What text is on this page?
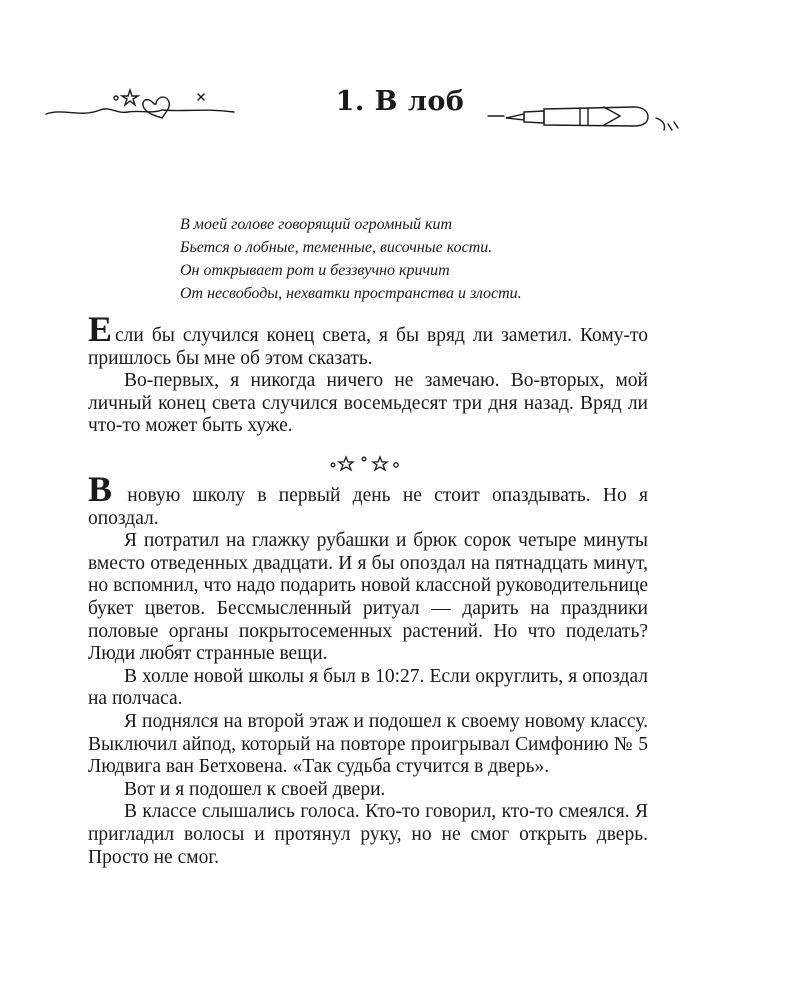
1. В лоб
В моей голове говорящий огромный кит
Бьется о лобные, теменные, височные кости.
Он открывает рот и беззвучно кричит
От несвободы, нехватки пространства и злости.

Если бы случился конец света, я бы вряд ли заметил. Кому-то пришлось бы мне об этом сказать.

Во-первых, я никогда ничего не замечаю. Во-вторых, мой личный конец света случился восемьдесят три дня назад. Вряд ли что-то может быть хуже.

В новую школу в первый день не стоит опаздывать. Но я опоздал.

Я потратил на глажку рубашки и брюк сорок четыре минуты вместо отведенных двадцати. И я бы опоздал на пятнадцать минут, но вспомнил, что надо подарить новой классной руководительнице букет цветов. Бессмысленный ритуал — дарить на праздники половые органы покрытосеменных растений. Но что поделать? Люди любят странные вещи.

В холле новой школы я был в 10:27. Если округлить, я опоздал на полчаса.

Я поднялся на второй этаж и подошел к своему новому классу. Выключил айпод, который на повторе проигрывал Симфонию № 5 Людвига ван Бетховена. «Так судьба стучится в дверь».

Вот и я подошел к своей двери.

В классе слышались голоса. Кто-то говорил, кто-то смеялся. Я пригладил волосы и протянул руку, но не смог открыть дверь. Просто не смог.
